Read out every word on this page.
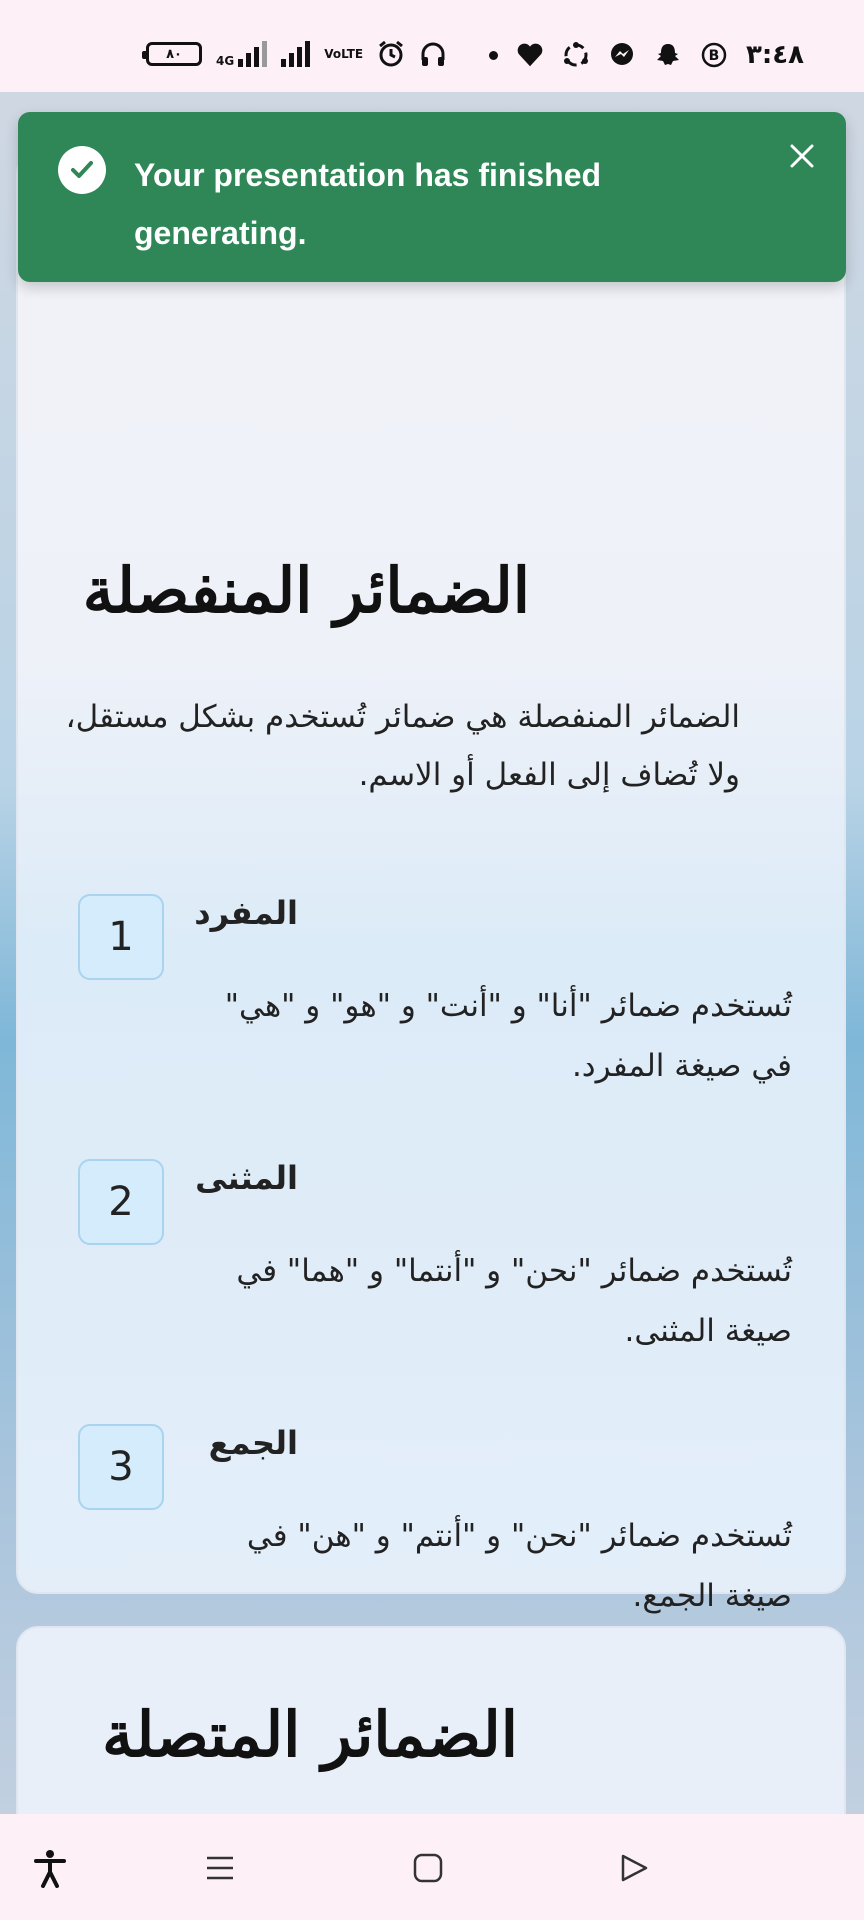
٨٠	4G	VoLTE	B ٣:٤٨
الضمائر المنفصلة
الضمائر المنفصلة هي ضمائر تُستخدم بشكل مستقل، ولا تُضاف إلى الفعل أو الاسم.
1
المفرد
تُستخدم ضمائر "أنا" و "أنت" و "هو" و "هي" في صيغة المفرد.
2
المثنى
تُستخدم ضمائر "نحن" و "أنتما" و "هما" في صيغة المثنى.
3
الجمع
تُستخدم ضمائر "نحن" و "أنتم" و "هن" في صيغة الجمع.
الضمائر المتصلة
Your presentation has finished generating.
